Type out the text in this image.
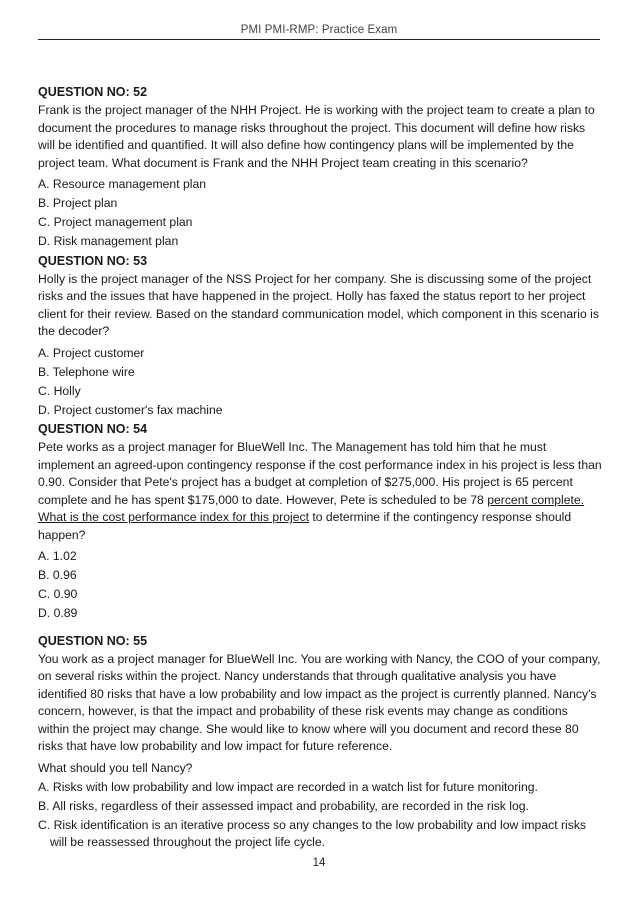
PMI PMI-RMP: Practice Exam
QUESTION NO: 52
Frank is the project manager of the NHH Project. He is working with the project team to create a plan to document the procedures to manage risks throughout the project. This document will define how risks will be identified and quantified. It will also define how contingency plans will be implemented by the project team. What document is Frank and the NHH Project team creating in this scenario?
A. Resource management plan
B. Project plan
C. Project management plan
D. Risk management plan
QUESTION NO: 53
Holly is the project manager of the NSS Project for her company. She is discussing some of the project risks and the issues that have happened in the project. Holly has faxed the status report to her project client for their review. Based on the standard communication model, which component in this scenario is the decoder?
A. Project customer
B. Telephone wire
C. Holly
D. Project customer's fax machine
QUESTION NO: 54
Pete works as a project manager for BlueWell Inc. The Management has told him that he must implement an agreed-upon contingency response if the cost performance index in his project is less than 0.90. Consider that Pete's project has a budget at completion of $275,000. His project is 65 percent complete and he has spent $175,000 to date. However, Pete is scheduled to be 78 percent complete. What is the cost performance index for this project to determine if the contingency response should happen?
A. 1.02
B. 0.96
C. 0.90
D. 0.89
QUESTION NO: 55
You work as a project manager for BlueWell Inc. You are working with Nancy, the COO of your company, on several risks within the project. Nancy understands that through qualitative analysis you have identified 80 risks that have a low probability and low impact as the project is currently planned. Nancy's concern, however, is that the impact and probability of these risk events may change as conditions within the project may change. She would like to know where will you document and record these 80 risks that have low probability and low impact for future reference.
What should you tell Nancy?
A. Risks with low probability and low impact are recorded in a watch list for future monitoring.
B. All risks, regardless of their assessed impact and probability, are recorded in the risk log.
C. Risk identification is an iterative process so any changes to the low probability and low impact risks will be reassessed throughout the project life cycle.
14
